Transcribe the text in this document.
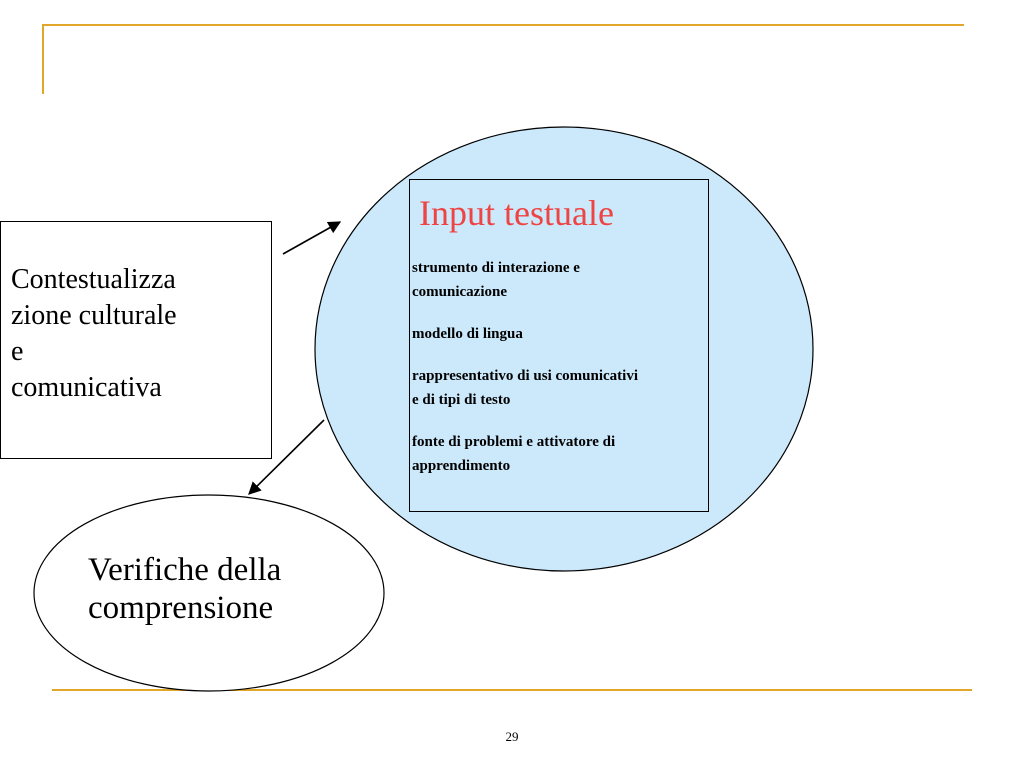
Contestualizza
zione culturale
e
comunicativa

Input testuale
strumento di interazione e
comunicazione
modello di lingua
rappresentativo di usi comunicativi
e di tipi di testo
fonte di problemi e attivatore di
apprendimento
Verifiche della
comprensione
29
